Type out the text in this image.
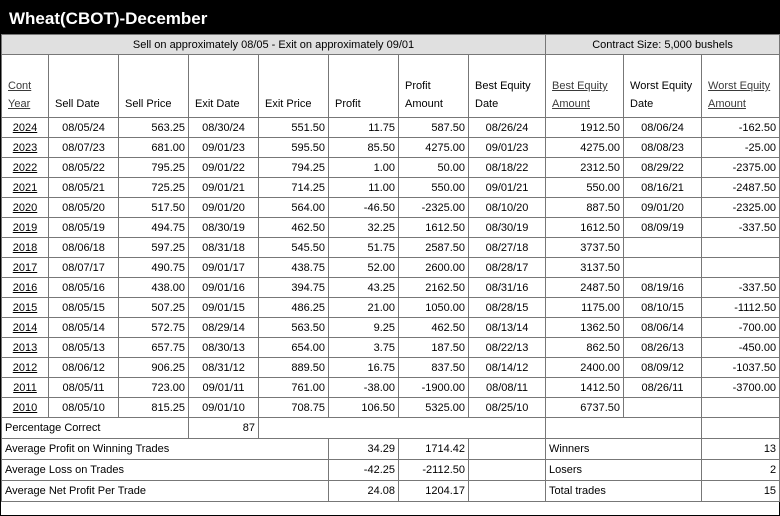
Wheat(CBOT)-December
Sell on approximately 08/05 - Exit on approximately 09/01								Contract Size: 5,000 bushels		
Cont Year	Sell Date	Sell Price	Exit Date	Exit Price	Profit	Profit Amount	Best Equity Date	Best Equity Amount	Worst Equity Date	Worst Equity Amount
2024	08/05/24	563.25	08/30/24	551.50	11.75	587.50	08/26/24	1912.50	08/06/24	-162.50
2023	08/07/23	681.00	09/01/23	595.50	85.50	4275.00	09/01/23	4275.00	08/08/23	-25.00
2022	08/05/22	795.25	09/01/22	794.25	1.00	50.00	08/18/22	2312.50	08/29/22	-2375.00
2021	08/05/21	725.25	09/01/21	714.25	11.00	550.00	09/01/21	550.00	08/16/21	-2487.50
2020	08/05/20	517.50	09/01/20	564.00	-46.50	-2325.00	08/10/20	887.50	09/01/20	-2325.00
2019	08/05/19	494.75	08/30/19	462.50	32.25	1612.50	08/30/19	1612.50	08/09/19	-337.50
2018	08/06/18	597.25	08/31/18	545.50	51.75	2587.50	08/27/18	3737.50		
2017	08/07/17	490.75	09/01/17	438.75	52.00	2600.00	08/28/17	3137.50		
2016	08/05/16	438.00	09/01/16	394.75	43.25	2162.50	08/31/16	2487.50	08/19/16	-337.50
2015	08/05/15	507.25	09/01/15	486.25	21.00	1050.00	08/28/15	1175.00	08/10/15	-1112.50
2014	08/05/14	572.75	08/29/14	563.50	9.25	462.50	08/13/14	1362.50	08/06/14	-700.00
2013	08/05/13	657.75	08/30/13	654.00	3.75	187.50	08/22/13	862.50	08/26/13	-450.00
2012	08/06/12	906.25	08/31/12	889.50	16.75	837.50	08/14/12	2400.00	08/09/12	-1037.50
2011	08/05/11	723.00	09/01/11	761.00	-38.00	-1900.00	08/08/11	1412.50	08/26/11	-3700.00
2010	08/05/10	815.25	09/01/10	708.75	106.50	5325.00	08/25/10	6737.50		
Percentage Correct			87							
Average Profit on Winning Trades					34.29	1714.42		Winners		13
Average Loss on Trades					-42.25	-2112.50		Losers		2
Average Net Profit Per Trade					24.08	1204.17		Total trades		15
